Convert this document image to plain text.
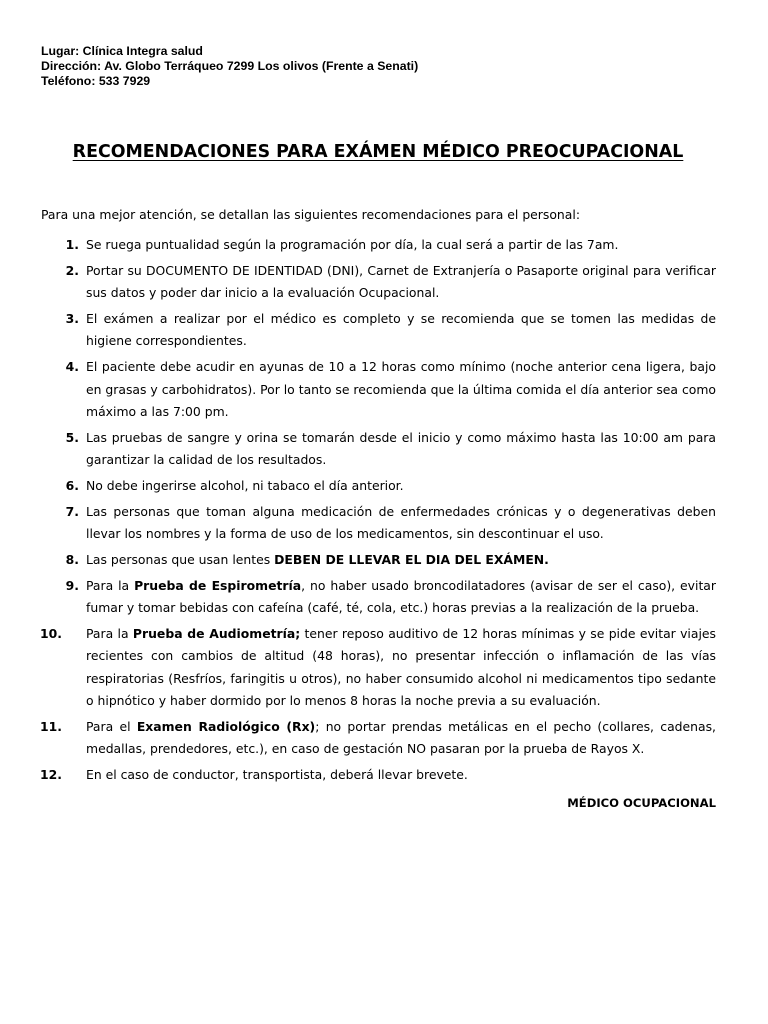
Lugar: Clínica Integra salud
Dirección: Av. Globo Terráqueo 7299 Los olivos (Frente a Senati)
Teléfono: 533 7929
RECOMENDACIONES PARA EXÁMEN MÉDICO PREOCUPACIONAL
Para una mejor atención, se detallan las siguientes recomendaciones para el personal:
1. Se ruega puntualidad según la programación por día, la cual será a partir de las 7am.
2. Portar su DOCUMENTO DE IDENTIDAD (DNI), Carnet de Extranjería o Pasaporte original para verificar sus datos y poder dar inicio a la evaluación Ocupacional.
3. El exámen a realizar por el médico es completo y se recomienda que se tomen las medidas de higiene correspondientes.
4. El paciente debe acudir en ayunas de 10 a 12 horas como mínimo (noche anterior cena ligera, bajo en grasas y carbohidratos). Por lo tanto se recomienda que la última comida el día anterior sea como máximo a las 7:00 pm.
5. Las pruebas de sangre y orina se tomarán desde el inicio y como máximo hasta las 10:00 am para garantizar la calidad de los resultados.
6. No debe ingerirse alcohol, ni tabaco el día anterior.
7. Las personas que toman alguna medicación de enfermedades crónicas y o degenerativas deben llevar los nombres y la forma de uso de los medicamentos, sin descontinuar el uso.
8. Las personas que usan lentes DEBEN DE LLEVAR EL DIA DEL EXÁMEN.
9. Para la Prueba de Espirometría, no haber usado broncodilatadores (avisar de ser el caso), evitar fumar y tomar bebidas con cafeína (café, té, cola, etc.) horas previas a la realización de la prueba.
10.	Para la Prueba de Audiometría; tener reposo auditivo de 12 horas mínimas y se pide evitar viajes recientes con cambios de altitud (48 horas), no presentar infección o inflamación de las vías respiratorias (Resfríos, faringitis u otros), no haber consumido alcohol ni medicamentos tipo sedante o hipnótico y haber dormido por lo menos 8 horas la noche previa a su evaluación.
11.	Para el Examen Radiológico (Rx); no portar prendas metálicas en el pecho (collares, cadenas, medallas, prendedores, etc.), en caso de gestación NO pasaran por la prueba de Rayos X.
12.	En el caso de conductor, transportista, deberá llevar brevete.
MÉDICO OCUPACIONAL
